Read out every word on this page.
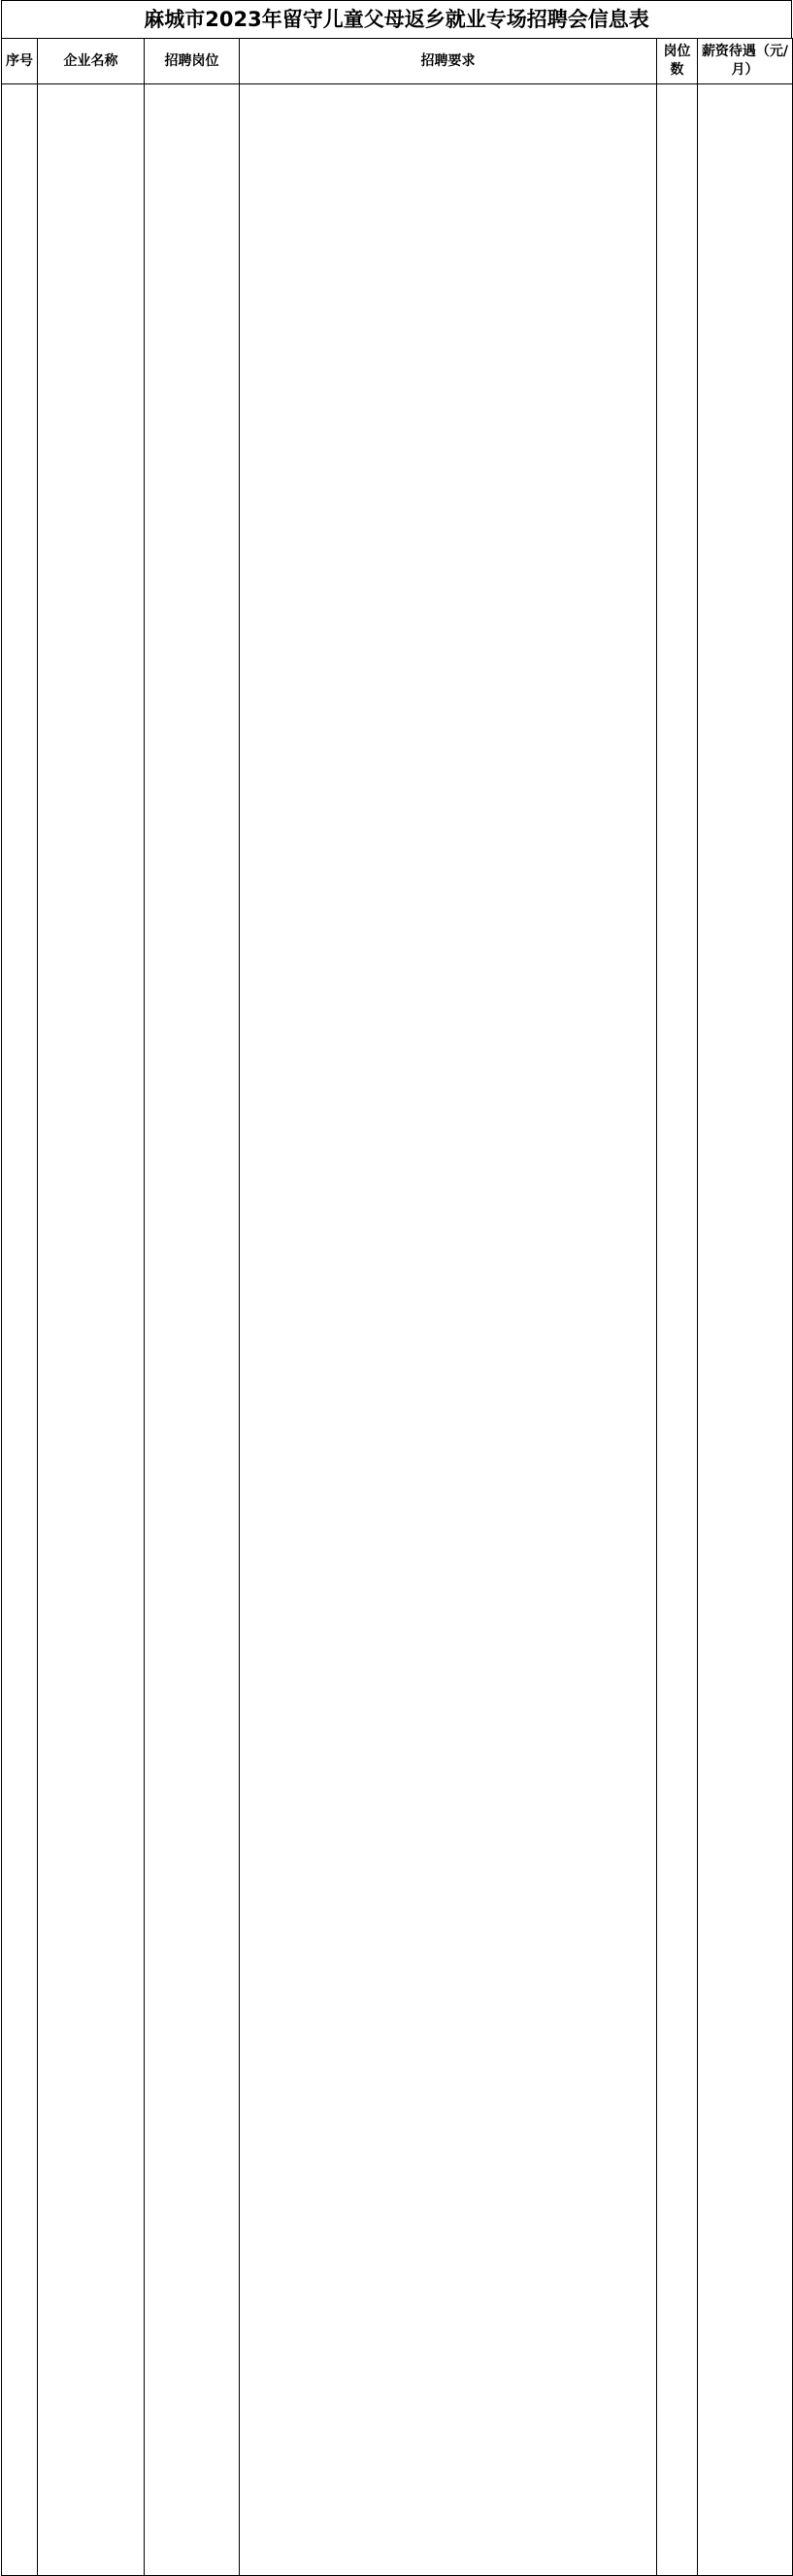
麻城市2023年留守儿童父母返乡就业专场招聘会信息表
序号	企业名称	招聘岗位	招聘要求	岗位数	薪资待遇（元/月）
